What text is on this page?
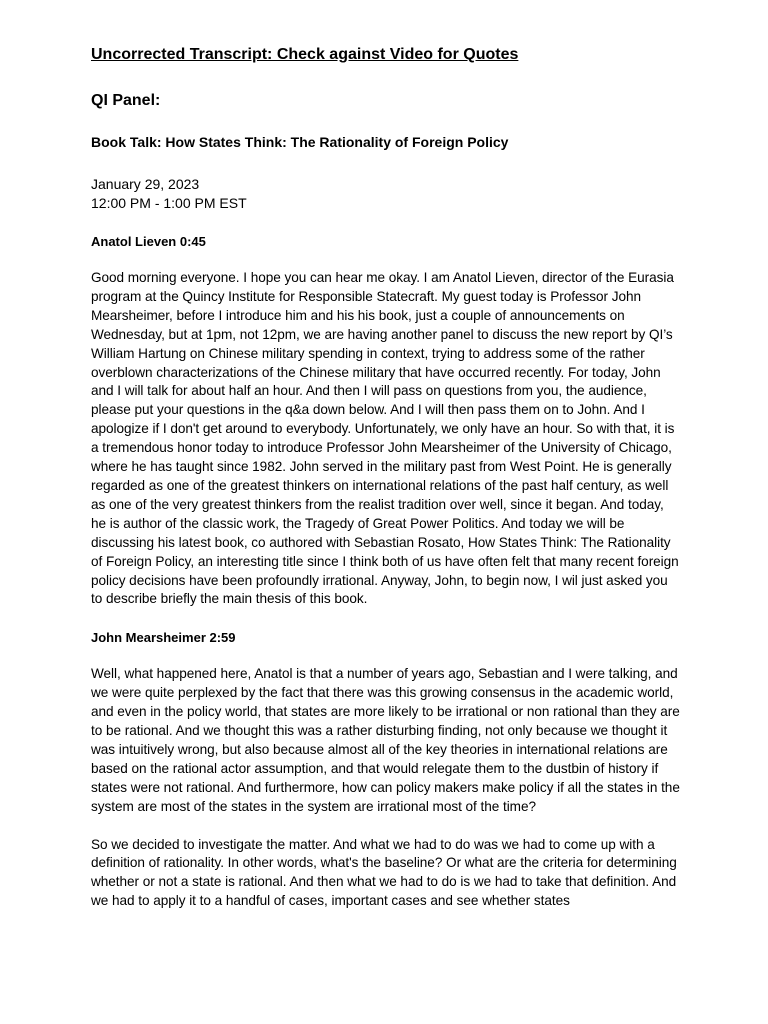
Uncorrected Transcript: Check against Video for Quotes
QI Panel:
Book Talk: How States Think: The Rationality of Foreign Policy
January 29, 2023
12:00 PM - 1:00 PM EST
Anatol Lieven 0:45

Good morning everyone. I hope you can hear me okay. I am Anatol Lieven, director of the Eurasia program at the Quincy Institute for Responsible Statecraft. My guest today is Professor John Mearsheimer, before I introduce him and his his book, just a couple of announcements on Wednesday, but at 1pm, not 12pm, we are having another panel to discuss the new report by QI’s William Hartung on Chinese military spending in context, trying to address some of the rather overblown characterizations of the Chinese military that have occurred recently. For today, John and I will talk for about half an hour. And then I will pass on questions from you, the audience, please put your questions in the q&a down below. And I will then pass them on to John. And I apologize if I don't get around to everybody. Unfortunately, we only have an hour. So with that, it is a tremendous honor today to introduce Professor John Mearsheimer of the University of Chicago, where he has taught since 1982. John served in the military past from West Point. He is generally regarded as one of the greatest thinkers on international relations of the past half century, as well as one of the very greatest thinkers from the realist tradition over well, since it began. And today, he is author of the classic work, the Tragedy of Great Power Politics. And today we will be discussing his latest book, co authored with Sebastian Rosato, How States Think: The Rationality of Foreign Policy, an interesting title since I think both of us have often felt that many recent foreign policy decisions have been profoundly irrational. Anyway, John, to begin now, I wil just asked you to describe briefly the main thesis of this book.

John Mearsheimer 2:59

Well, what happened here, Anatol is that a number of years ago, Sebastian and I were talking, and we were quite perplexed by the fact that there was this growing consensus in the academic world, and even in the policy world, that states are more likely to be irrational or non rational than they are to be rational. And we thought this was a rather disturbing finding, not only because we thought it was intuitively wrong, but also because almost all of the key theories in international relations are based on the rational actor assumption, and that would relegate them to the dustbin of history if states were not rational. And furthermore, how can policy makers make policy if all the states in the system are most of the states in the system are irrational most of the time?

So we decided to investigate the matter. And what we had to do was we had to come up with a definition of rationality. In other words, what's the baseline? Or what are the criteria for determining whether or not a state is rational. And then what we had to do is we had to take that definition. And we had to apply it to a handful of cases, important cases and see whether states
